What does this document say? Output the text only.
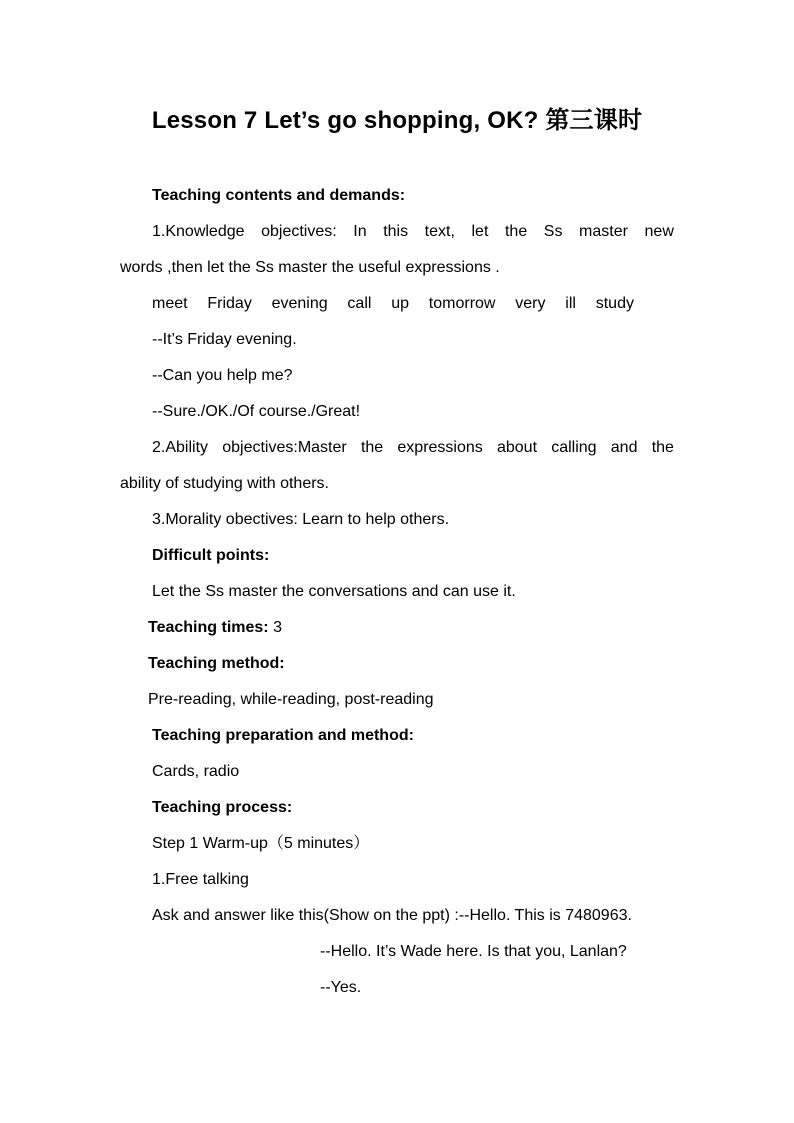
Lesson 7 Let’s go shopping, OK? 第三课时
Teaching contents and demands:
1.Knowledge objectives: In this text, let the Ss master new
words ,then let the Ss master the useful expressions .
meet Friday evening call up tomorrow very ill study
--It’s Friday evening.
--Can you help me?
--Sure./OK./Of course./Great!
2.Ability objectives:Master the expressions about calling and the
ability of studying with others.
3.Morality obectives: Learn to help others.
Difficult points:
Let the Ss master the conversations and can use it.
Teaching times: 3
Teaching method:
Pre-reading, while-reading, post-reading
Teaching preparation and method:
Cards, radio
Teaching process:
Step 1 Warm-up（5 minutes）
1.Free talking
Ask and answer like this(Show on the ppt) :--Hello. This is 7480963.
--Hello. It’s Wade here. Is that you, Lanlan?
--Yes.
